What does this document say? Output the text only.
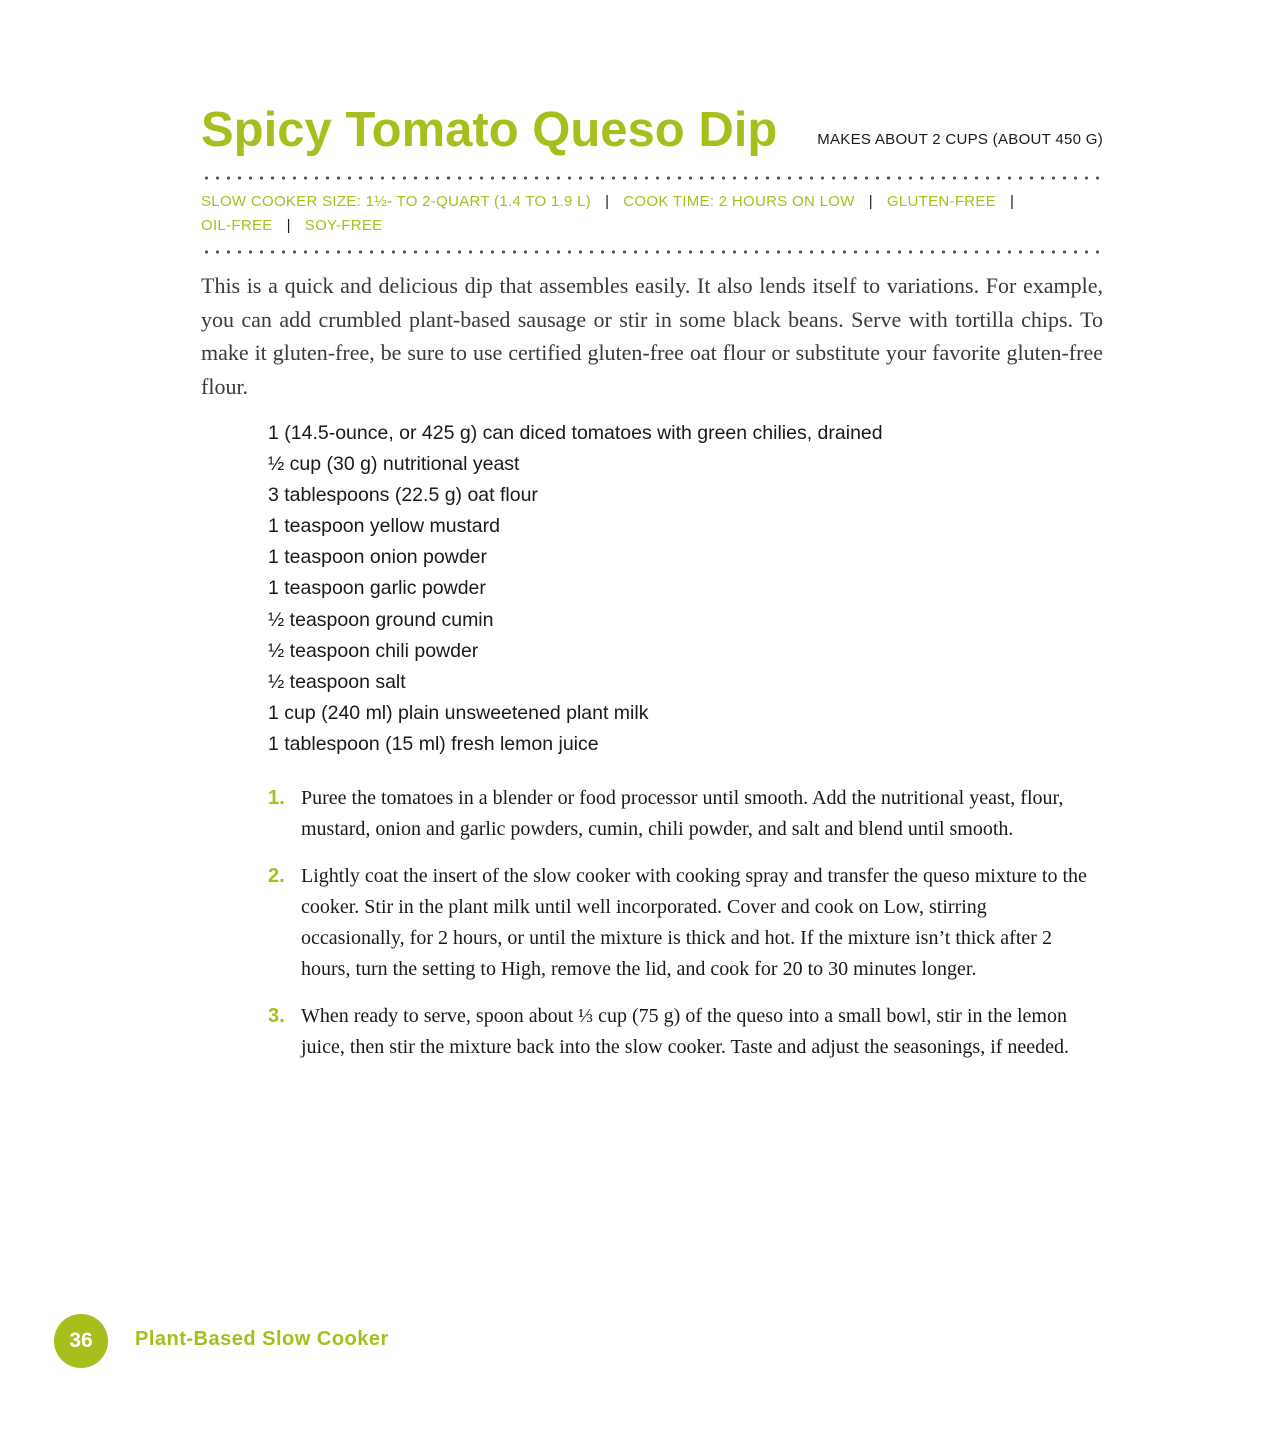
Spicy Tomato Queso Dip	MAKES ABOUT 2 CUPS (ABOUT 450 G)
SLOW COOKER SIZE: 1½- TO 2-QUART (1.4 TO 1.9 L) | COOK TIME: 2 HOURS ON LOW | GLUTEN-FREE |
OIL-FREE | SOY-FREE

This is a quick and delicious dip that assembles easily. It also lends itself to variations. For example, you can add crumbled plant-based sausage or stir in some black beans. Serve with tortilla chips. To make it gluten-free, be sure to use certified gluten-free oat flour or substitute your favorite gluten-free flour.

1 (14.5-ounce, or 425 g) can diced tomatoes with green chilies, drained
½ cup (30 g) nutritional yeast
3 tablespoons (22.5 g) oat flour
1 teaspoon yellow mustard
1 teaspoon onion powder
1 teaspoon garlic powder
½ teaspoon ground cumin
½ teaspoon chili powder
½ teaspoon salt
1 cup (240 ml) plain unsweetened plant milk
1 tablespoon (15 ml) fresh lemon juice
1. Puree the tomatoes in a blender or food processor until smooth. Add the nutritional yeast, flour, mustard, onion and garlic powders, cumin, chili powder, and salt and blend until smooth.
2. Lightly coat the insert of the slow cooker with cooking spray and transfer the queso mixture to the cooker. Stir in the plant milk until well incorporated. Cover and cook on Low, stirring occasionally, for 2 hours, or until the mixture is thick and hot. If the mixture isn’t thick after 2 hours, turn the setting to High, remove the lid, and cook for 20 to 30 minutes longer.
3. When ready to serve, spoon about ⅓ cup (75 g) of the queso into a small bowl, stir in the lemon juice, then stir the mixture back into the slow cooker. Taste and adjust the seasonings, if needed.
36	Plant-Based Slow Cooker
